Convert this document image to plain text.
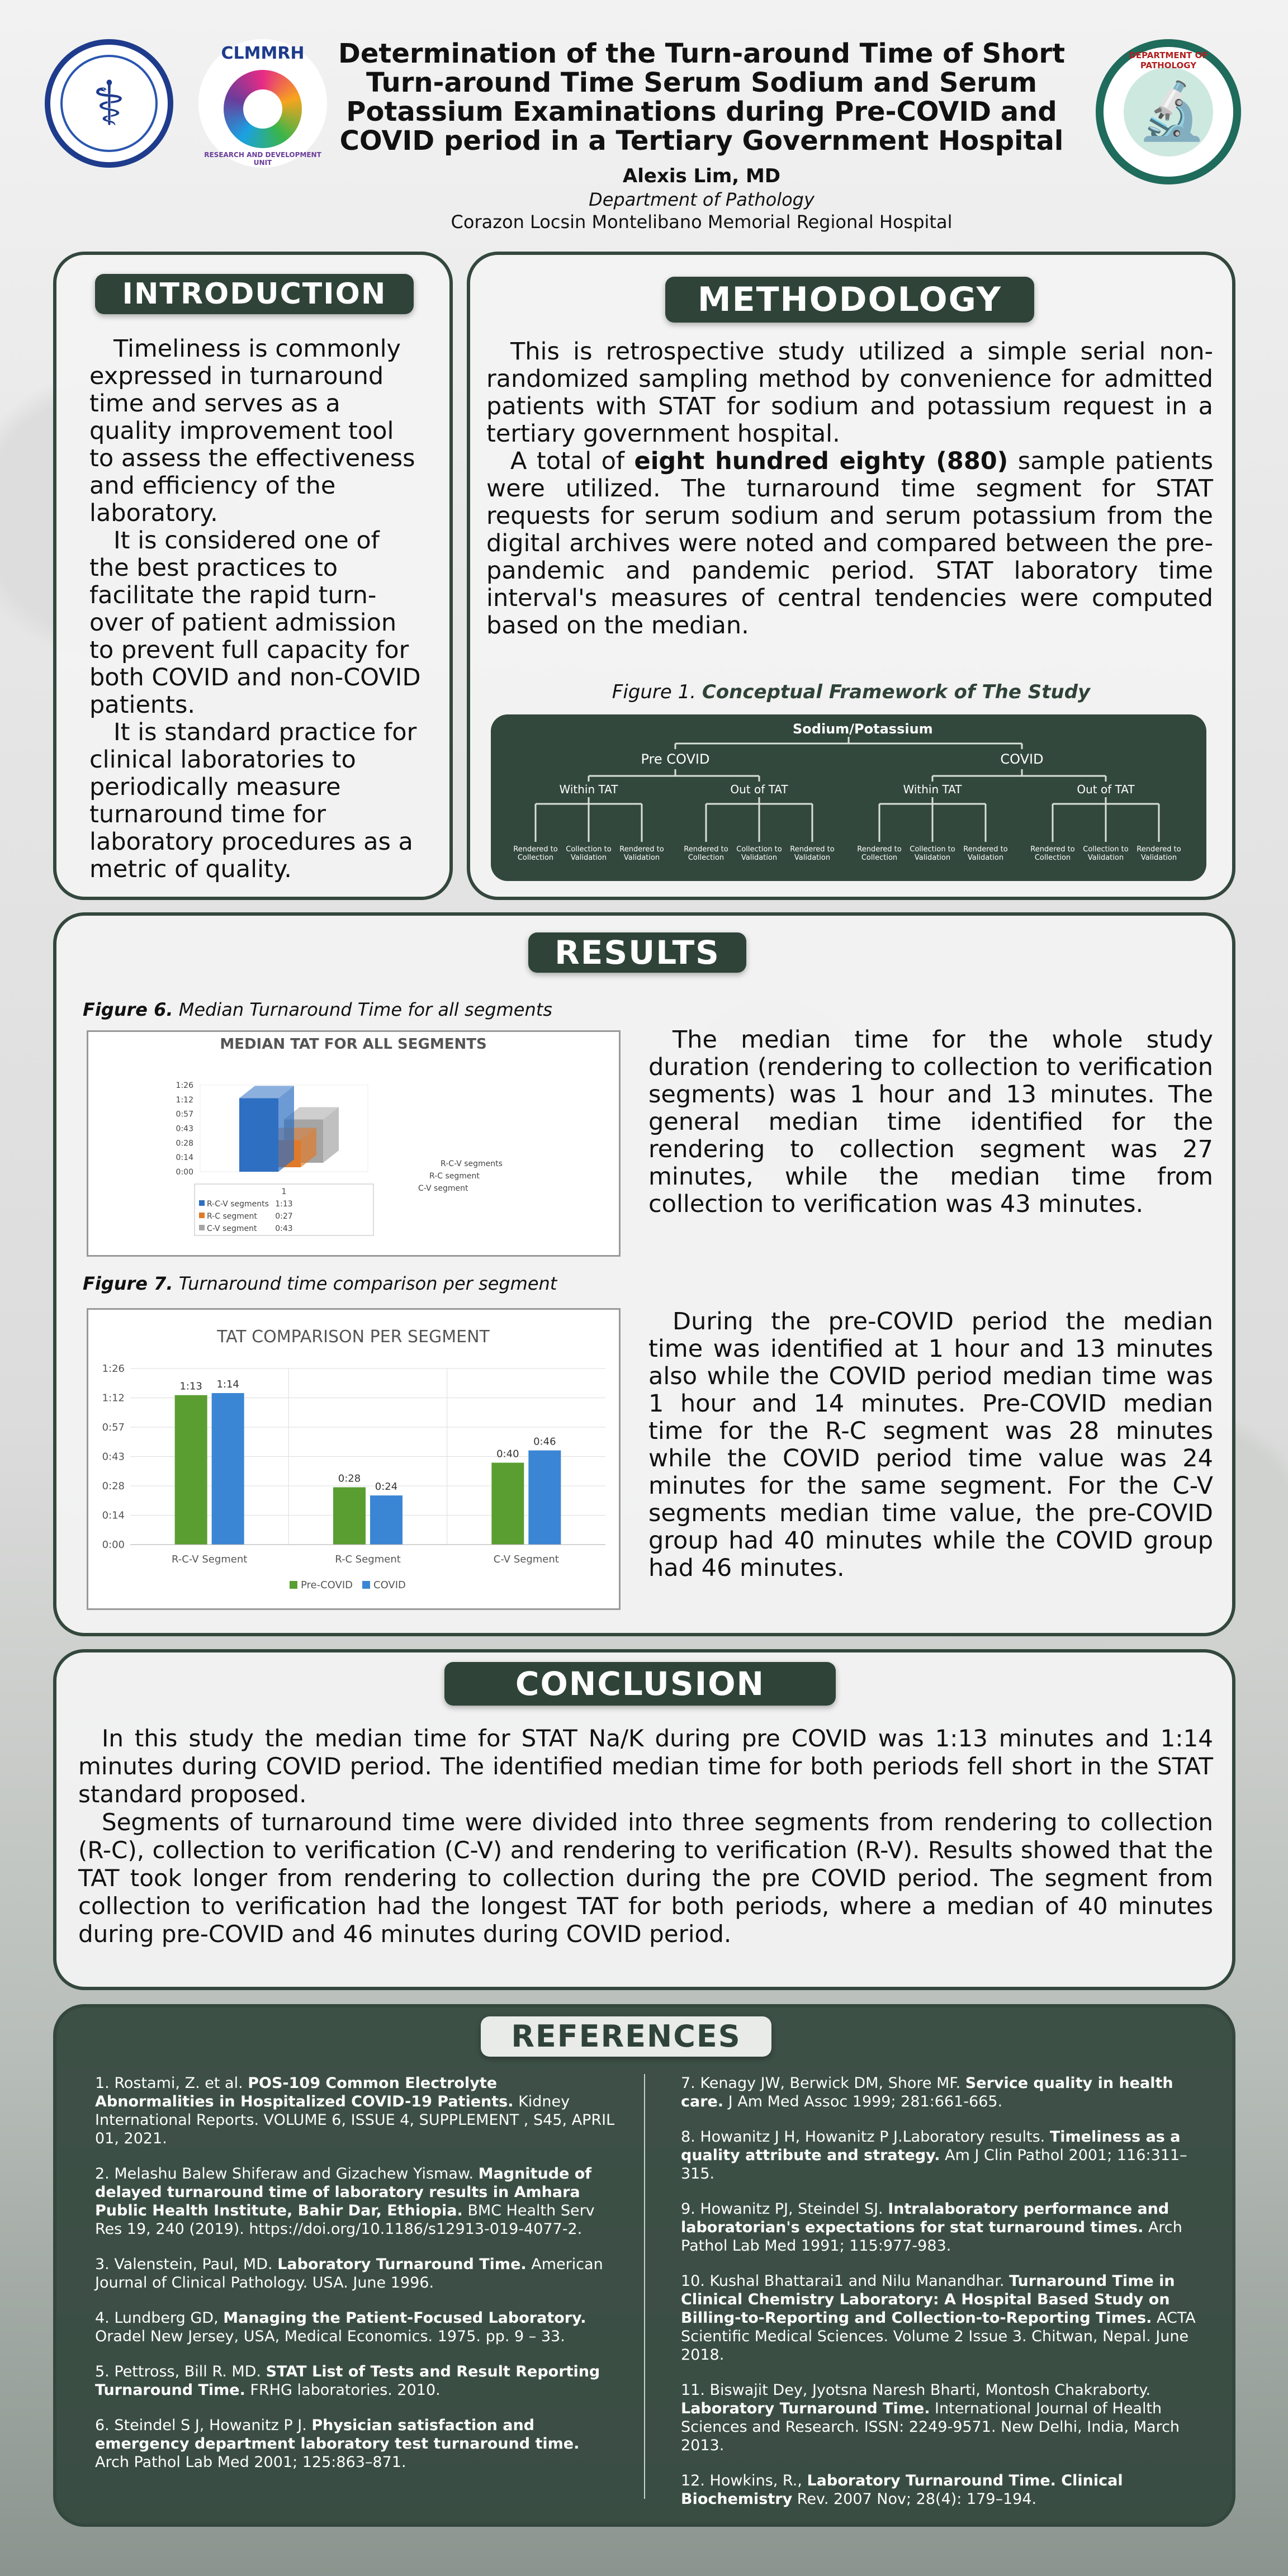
⚕
CLMMRH
RESEARCH AND DEVELOPMENT UNIT
🔬
DEPARTMENT OF PATHOLOGY
Determination of the Turn-around Time of Short Turn-around Time Serum Sodium and Serum Potassium Examinations during Pre-COVID and COVID period in a Tertiary Government Hospital
Alexis Lim, MD
Department of Pathology
Corazon Locsin Montelibano Memorial Regional Hospital
INTRODUCTION

Timeliness is commonly expressed in turnaround time and serves as a quality improvement tool to assess the effectiveness and efficiency of the laboratory.

It is considered one of the best practices to facilitate the rapid turn-over of patient admission to prevent full capacity for both COVID and non-COVID patients.

It is standard practice for clinical laboratories to periodically measure turnaround time for laboratory procedures as a metric of quality.

METHODOLOGY

This is retrospective study utilized a simple serial non-randomized sampling method by convenience for admitted patients with STAT for sodium and potassium request in a tertiary government hospital.

A total of eight hundred eighty (880) sample patients were utilized. The turnaround time segment for STAT requests for serum sodium and serum potassium from the digital archives were noted and compared between the pre-pandemic and pandemic period. STAT laboratory time interval's measures of central tendencies were computed based on the median.

Figure 1. Conceptual Framework of The Study
Sodium/Potassium
Pre COVID	COVID
Within TAT	Out of TAT	Within TAT	Out of TAT
Rendered to Collection
Collection to Validation
Rendered to Validation
Rendered to Collection
Collection to Validation
Rendered to Validation
Rendered to Collection
Collection to Validation
Rendered to Validation
Rendered to Collection
Collection to Validation
Rendered to Validation
RESULTS
Figure 6. Median Turnaround Time for all segments
MEDIAN TAT FOR ALL SEGMENTS
0:00
0:14
0:28
0:43
0:57
1:12
1:26
R-C-V segments
R-C segment
C-V segment
1
R-C-V segments 1:13
R-C segment 0:27
C-V segment 0:43
Figure 7. Turnaround time comparison per segment
TAT COMPARISON PER SEGMENT
0:00
0:14
0:28
0:43
0:57
1:12
1:26
1:13 1:14
R-C-V Segment
0:28
0:24
R-C Segment
0:40
0:46
C-V Segment
Pre-COVID COVID

The median time for the whole study duration (rendering to collection to verification segments) was 1 hour and 13 minutes. The general median time identified for the rendering to collection segment was 27 minutes, while the median time from collection to verification was 43 minutes.

During the pre-COVID period the median time was identified at 1 hour and 13 minutes also while the COVID period median time was 1 hour and 14 minutes. Pre-COVID median time for the R-C segment was 28 minutes while the COVID period time value was 24 minutes for the same segment. For the C-V segments median time value, the pre-COVID group had 40 minutes while the COVID group had 46 minutes.

CONCLUSION

In this study the median time for STAT Na/K during pre COVID was 1:13 minutes and 1:14 minutes during COVID period. The identified median time for both periods fell short in the STAT standard proposed.

Segments of turnaround time were divided into three segments from rendering to collection (R-C), collection to verification (C-V) and rendering to verification (R-V). Results showed that the TAT took longer from rendering to collection during the pre COVID period. The segment from collection to verification had the longest TAT for both periods, where a median of 40 minutes during pre-COVID and 46 minutes during COVID period.

REFERENCES

1. Rostami, Z. et al. POS-109 Common Electrolyte Abnormalities in Hospitalized COVID-19 Patients. Kidney International Reports. VOLUME 6, ISSUE 4, SUPPLEMENT , S45, APRIL 01, 2021.

2. Melashu Balew Shiferaw and Gizachew Yismaw. Magnitude of delayed turnaround time of laboratory results in Amhara Public Health Institute, Bahir Dar, Ethiopia. BMC Health Serv Res 19, 240 (2019). https://doi.org/10.1186/s12913-019-4077-2.

3. Valenstein, Paul, MD. Laboratory Turnaround Time. American Journal of Clinical Pathology. USA. June 1996.

4. Lundberg GD, Managing the Patient-Focused Laboratory. Oradel New Jersey, USA, Medical Economics. 1975. pp. 9 – 33.

5. Pettross, Bill R. MD. STAT List of Tests and Result Reporting Turnaround Time. FRHG laboratories. 2010.

6. Steindel S J, Howanitz P J. Physician satisfaction and emergency department laboratory test turnaround time. Arch Pathol Lab Med 2001; 125:863–871.

7. Kenagy JW, Berwick DM, Shore MF. Service quality in health care. J Am Med Assoc 1999; 281:661-665.

8. Howanitz J H, Howanitz P J.Laboratory results. Timeliness as a quality attribute and strategy. Am J Clin Pathol 2001; 116:311–315.

9. Howanitz PJ, Steindel SJ. Intralaboratory performance and laboratorian's expectations for stat turnaround times. Arch Pathol Lab Med 1991; 115:977-983.

10. Kushal Bhattarai1 and Nilu Manandhar. Turnaround Time in Clinical Chemistry Laboratory: A Hospital Based Study on Billing-to-Reporting and Collection-to-Reporting Times. ACTA Scientific Medical Sciences. Volume 2 Issue 3. Chitwan, Nepal. June 2018.

11. Biswajit Dey, Jyotsna Naresh Bharti, Montosh Chakraborty. Laboratory Turnaround Time. International Journal of Health Sciences and Research. ISSN: 2249-9571. New Delhi, India, March 2013.

12. Howkins, R., Laboratory Turnaround Time. Clinical Biochemistry Rev. 2007 Nov; 28(4): 179–194.
